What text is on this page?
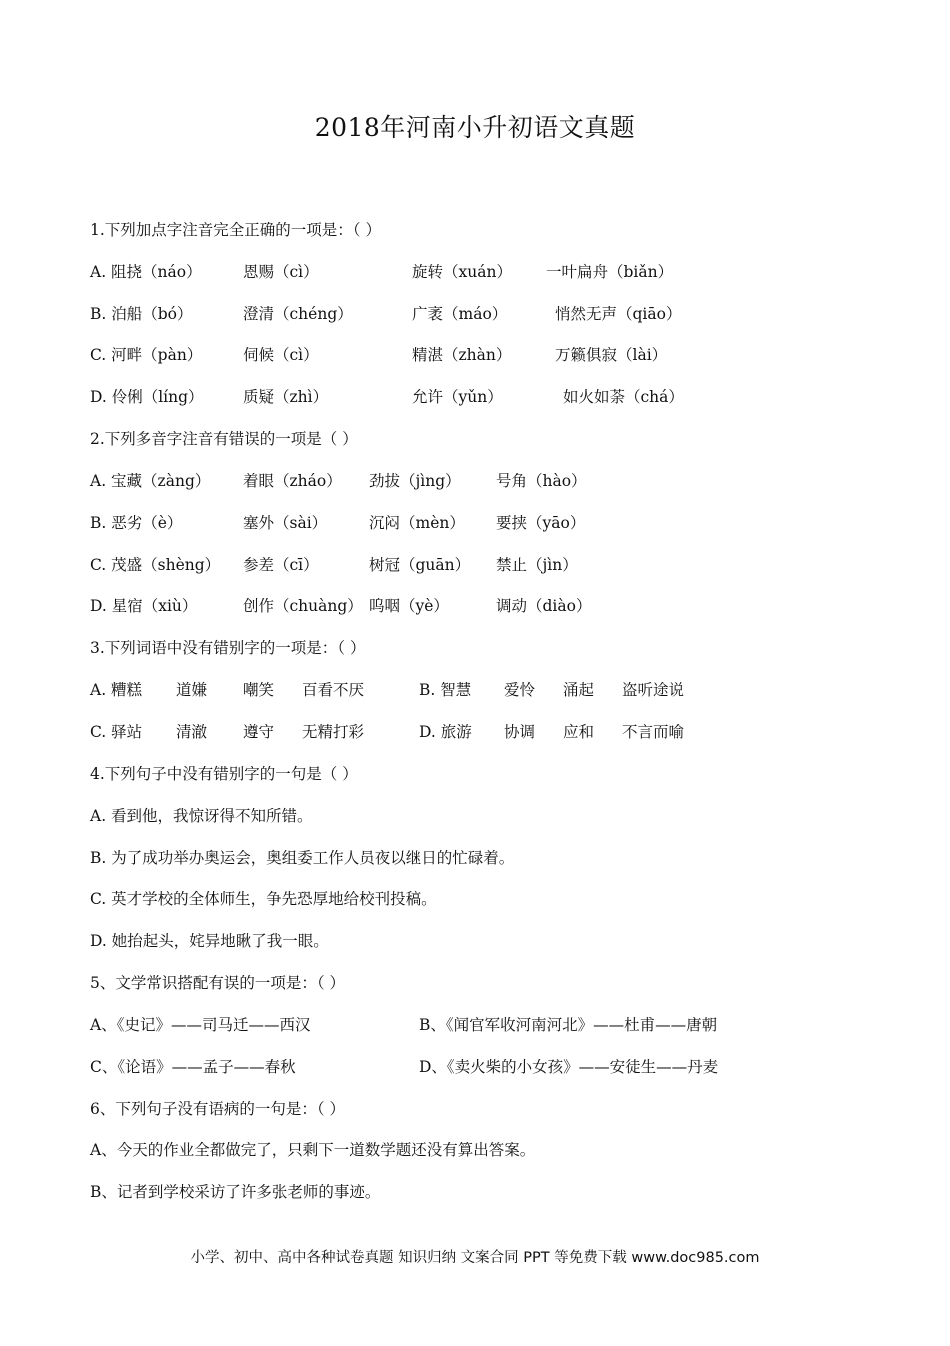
2018年河南小升初语文真题
1.下列加点字注音完全正确的一项是：（ ）
A. 阻挠（náo）	恩赐（cì）	旋转（xuán） 一叶扁舟（biǎn）
B. 泊船（bó）	澄清（chéng）	广袤（máo）	悄然无声（qiāo）
C. 河畔（pàn）	伺候（cì）	精湛（zhàn）	万籁俱寂（lài）
D. 伶俐（líng）	质疑（zhì）	允许（yǔn）	如火如荼（chá）
2.下列多音字注音有错误的一项是（ ）
A. 宝藏（zàng） 着眼（zháo） 劲拔（jìng） 号角（hào）
B. 恶劣（è）	塞外（sài）	沉闷（mèn） 要挟（yāo）
C. 茂盛（shèng） 参差（cī）	树冠（guān） 禁止（jìn）
D. 星宿（xiù）	创作（chuàng） 呜咽（yè）	调动（diào）
3.下列词语中没有错别字的一项是：（ ）
A. 糟糕 道嫌 嘲笑 百看不厌	B. 智慧 爱怜 涌起 盗听途说
C. 驿站 清澈 遵守 无精打彩	D. 旅游 协调 应和 不言而喻
4.下列句子中没有错别字的一句是（ ）
A. 看到他，我惊讶得不知所错。
B. 为了成功举办奥运会，奥组委工作人员夜以继日的忙碌着。
C. 英才学校的全体师生，争先恐厚地给校刊投稿。
D. 她抬起头，姹异地瞅了我一眼。
5、文学常识搭配有误的一项是：（ ）
A、《史记》——司马迁——西汉	B、《闻官军收河南河北》——杜甫——唐朝
C、《论语》——孟子——春秋	D、《卖火柴的小女孩》——安徒生——丹麦
6、下列句子没有语病的一句是：（ ）
A、今天的作业全都做完了，只剩下一道数学题还没有算出答案。
B、记者到学校采访了许多张老师的事迹。
小学、初中、高中各种试卷真题 知识归纳 文案合同 PPT 等免费下载 www.doc985.com
